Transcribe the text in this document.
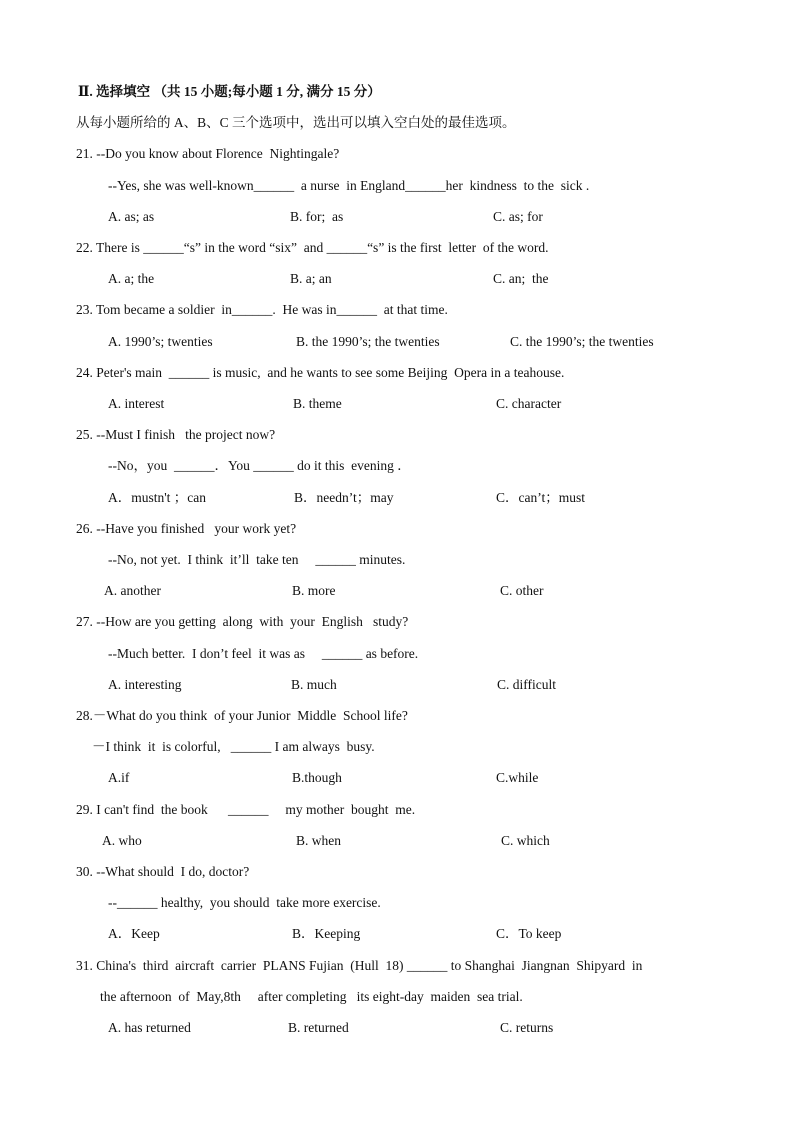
Ⅱ. 选择填空 （共 15 小题;每小题 1 分, 满分 15 分）
从每小题所给的 A、B、C 三个选项中，选出可以填入空白处的最佳选项。
21. --Do you know about Florence  Nightingale?
--Yes, she was well-known______  a nurse  in England______her  kindness  to the  sick .
A. as; as	B. for;  as	C. as; for
22. There is ______“s” in the word “six”  and ______“s” is the first  letter  of the word.
A. a; the	B. a; an	C. an;  the
23. Tom became a soldier  in______.  He was in______  at that time.
A. 1990’s; twenties	B. the 1990’s; the twenties	C. the 1990’s; the twenties
24. Peter's main  ______ is music,  and he wants to see some Beijing  Opera in a teahouse.
A. interest	B. theme	C. character
25. --Must I finish   the project now?
--No，you  ______．You ______ do it this  evening ．
A．mustn't ；can	B．needn’t；may	C．can’t；must
26. --Have you finished   your work yet?
--No, not yet.  I think  it’ll  take ten     ______ minutes.
A. another	B. more	C. other
27. --How are you getting  along  with  your  English   study?
--Much better.  I don’t feel  it was as     ______ as before.
A. interesting	B. much	C. difficult
28.－What do you think  of your Junior  Middle  School life?
－I think  it  is colorful,   ______ I am always  busy.
A.if	B.though	C.while
29. I can't find  the book      ______     my mother  bought  me.
A. who	B. when	C. which
30. --What should  I do, doctor?
--______ healthy,  you should  take more exercise.
A．Keep	B．Keeping	C．To keep
31. China's  third  aircraft  carrier  PLANS Fujian  (Hull  18) ______ to Shanghai  Jiangnan  Shipyard  in
the afternoon  of  May,8th     after completing   its eight-day  maiden  sea trial.
A. has returned	B. returned	C. returns
